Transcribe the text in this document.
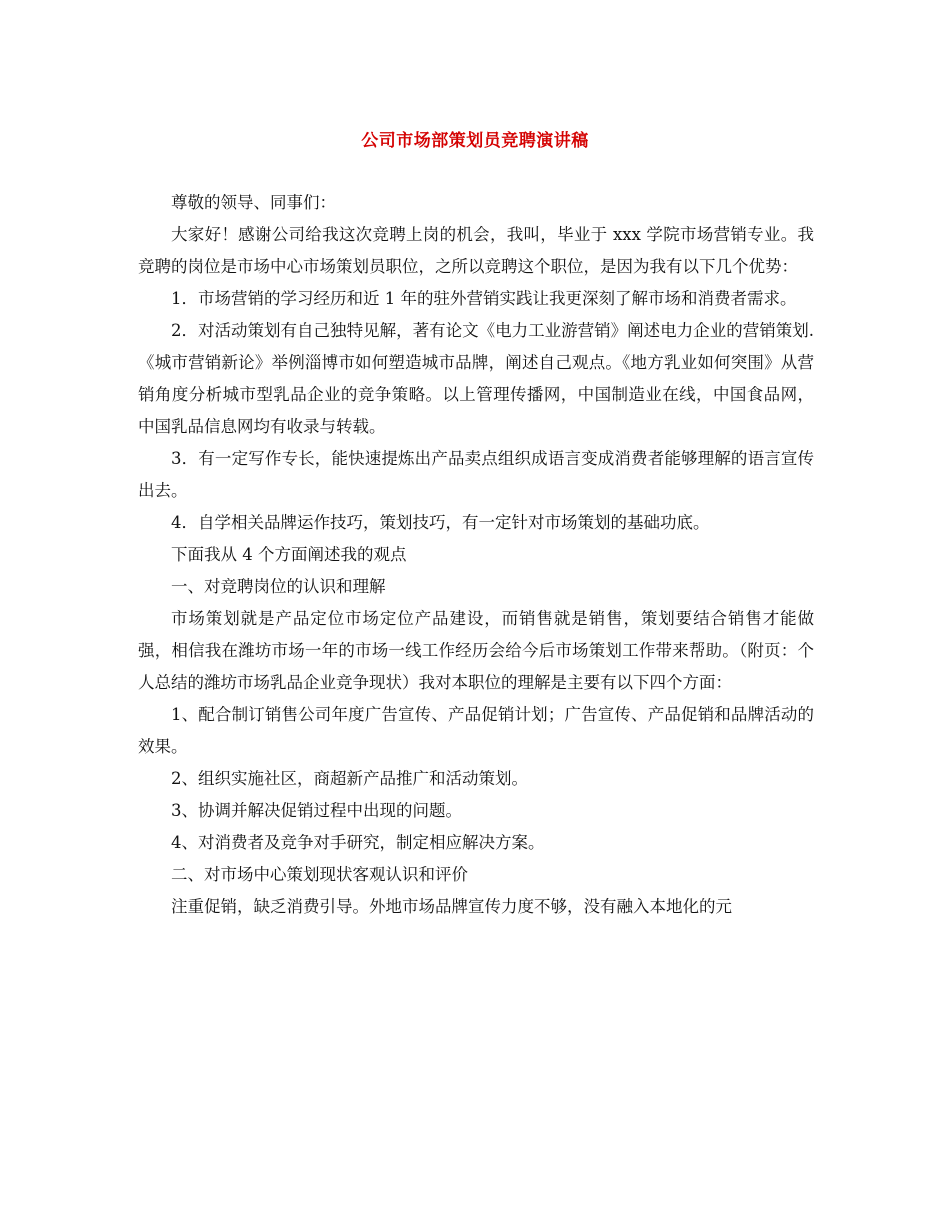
公司市场部策划员竞聘演讲稿

尊敬的领导、同事们：

大家好！感谢公司给我这次竞聘上岗的机会，我叫，毕业于 xxx 学院市场营销专业。我竞聘的岗位是市场中心市场策划员职位，之所以竞聘这个职位，是因为我有以下几个优势：

1．市场营销的学习经历和近 1 年的驻外营销实践让我更深刻了解市场和消费者需求。

2．对活动策划有自己独特见解，著有论文《电力工业游营销》阐述电力企业的营销策划.《城市营销新论》举例淄博市如何塑造城市品牌，阐述自己观点。《地方乳业如何突围》从营销角度分析城市型乳品企业的竞争策略。以上管理传播网，中国制造业在线，中国食品网，中国乳品信息网均有收录与转载。

3．有一定写作专长，能快速提炼出产品卖点组织成语言变成消费者能够理解的语言宣传出去。

4．自学相关品牌运作技巧，策划技巧，有一定针对市场策划的基础功底。

下面我从 4 个方面阐述我的观点

一、对竞聘岗位的认识和理解

市场策划就是产品定位市场定位产品建设，而销售就是销售，策划要结合销售才能做强，相信我在潍坊市场一年的市场一线工作经历会给今后市场策划工作带来帮助。（附页：个人总结的潍坊市场乳品企业竞争现状）我对本职位的理解是主要有以下四个方面：

1、配合制订销售公司年度广告宣传、产品促销计划；广告宣传、产品促销和品牌活动的效果。

2、组织实施社区，商超新产品推广和活动策划。

3、协调并解决促销过程中出现的问题。

4、对消费者及竞争对手研究，制定相应解决方案。

二、对市场中心策划现状客观认识和评价

注重促销，缺乏消费引导。外地市场品牌宣传力度不够，没有融入本地化的元
